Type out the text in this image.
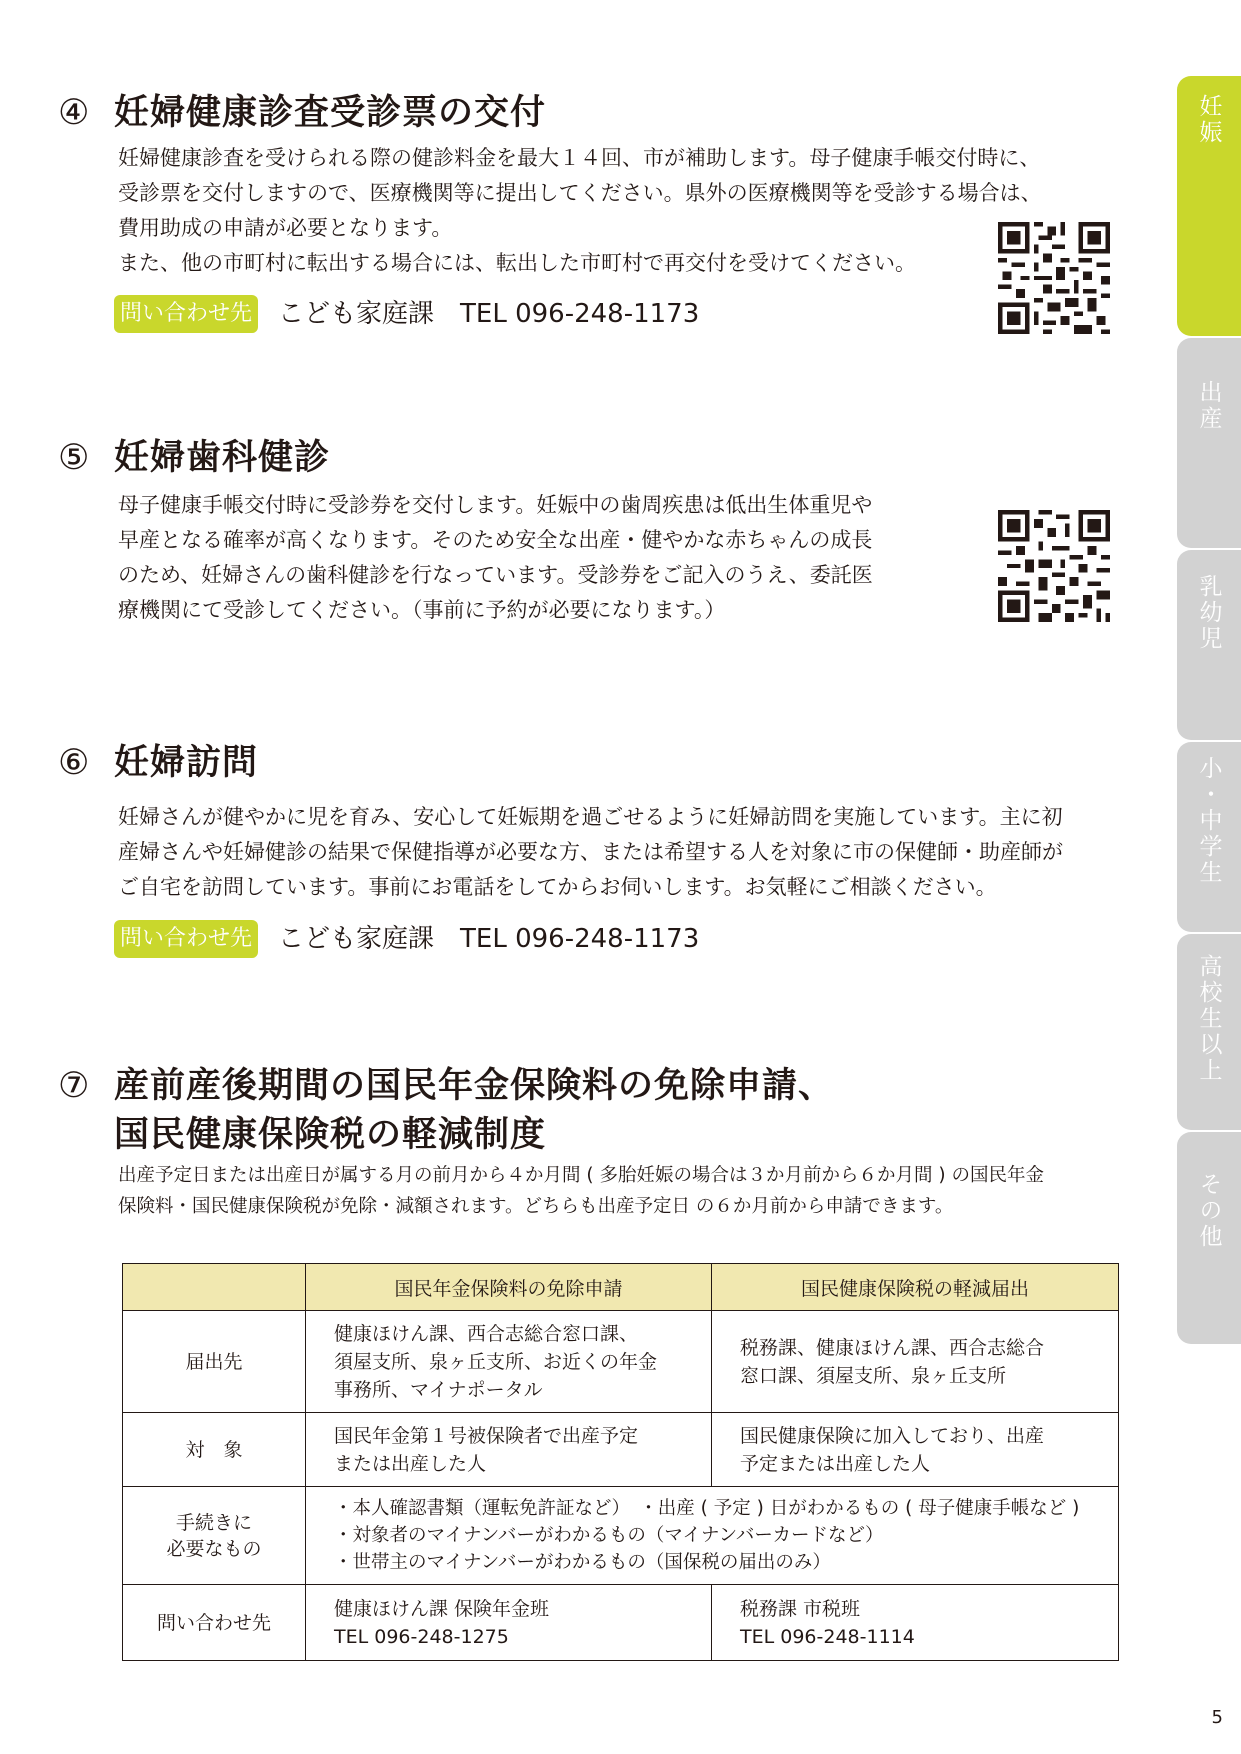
④ 妊婦健康診査受診票の交付
妊婦健康診査を受けられる際の健診料金を最大１４回、市が補助します。母子健康手帳交付時に、
受診票を交付しますので、医療機関等に提出してください。県外の医療機関等を受診する場合は、
費用助成の申請が必要となります。
また、他の市町村に転出する場合には、転出した市町村で再交付を受けてください。
問い合わせ先 こども家庭課　TEL 096-248-1173
⑤ 妊婦歯科健診
母子健康手帳交付時に受診券を交付します。妊娠中の歯周疾患は低出生体重児や
早産となる確率が高くなります。そのため安全な出産・健やかな赤ちゃんの成長
のため、妊婦さんの歯科健診を行なっています。受診券をご記入のうえ、委託医
療機関にて受診してください。（事前に予約が必要になります。）
⑥ 妊婦訪問
妊婦さんが健やかに児を育み、安心して妊娠期を過ごせるように妊婦訪問を実施しています。主に初
産婦さんや妊婦健診の結果で保健指導が必要な方、または希望する人を対象に市の保健師・助産師が
ご自宅を訪問しています。事前にお電話をしてからお伺いします。お気軽にご相談ください。
問い合わせ先 こども家庭課　TEL 096-248-1173
⑦ 産前産後期間の国民年金保険料の免除申請、
国民健康保険税の軽減制度
出産予定日または出産日が属する月の前月から４か月間 ( 多胎妊娠の場合は３か月前から６か月間 ) の国民年金
保険料・国民健康保険税が免除・減額されます。どちらも出産予定日 の６か月前から申請できます。
	国民年金保険料の免除申請	国民健康保険税の軽減届出
届出先	健康ほけん課、西合志総合窓口課、
須屋支所、泉ヶ丘支所、お近くの年金
事務所、マイナポータル	税務課、健康ほけん課、西合志総合
窓口課、須屋支所、泉ヶ丘支所
対　象	国民年金第１号被保険者で出産予定
または出産した人	国民健康保険に加入しており、出産
予定または出産した人
手続きに
必要なもの	・本人確認書類（運転免許証など）　・出産 ( 予定 ) 日がわかるもの ( 母子健康手帳など )
・対象者のマイナンバーがわかるもの（マイナンバーカードなど）
・世帯主のマイナンバーがわかるもの（国保税の届出のみ）	
問い合わせ先	健康ほけん課 保険年金班
TEL 096-248-1275	税務課 市税班
TEL 096-248-1114
妊娠
出産
乳幼児
小・中学生
高校生以上
その他
5
